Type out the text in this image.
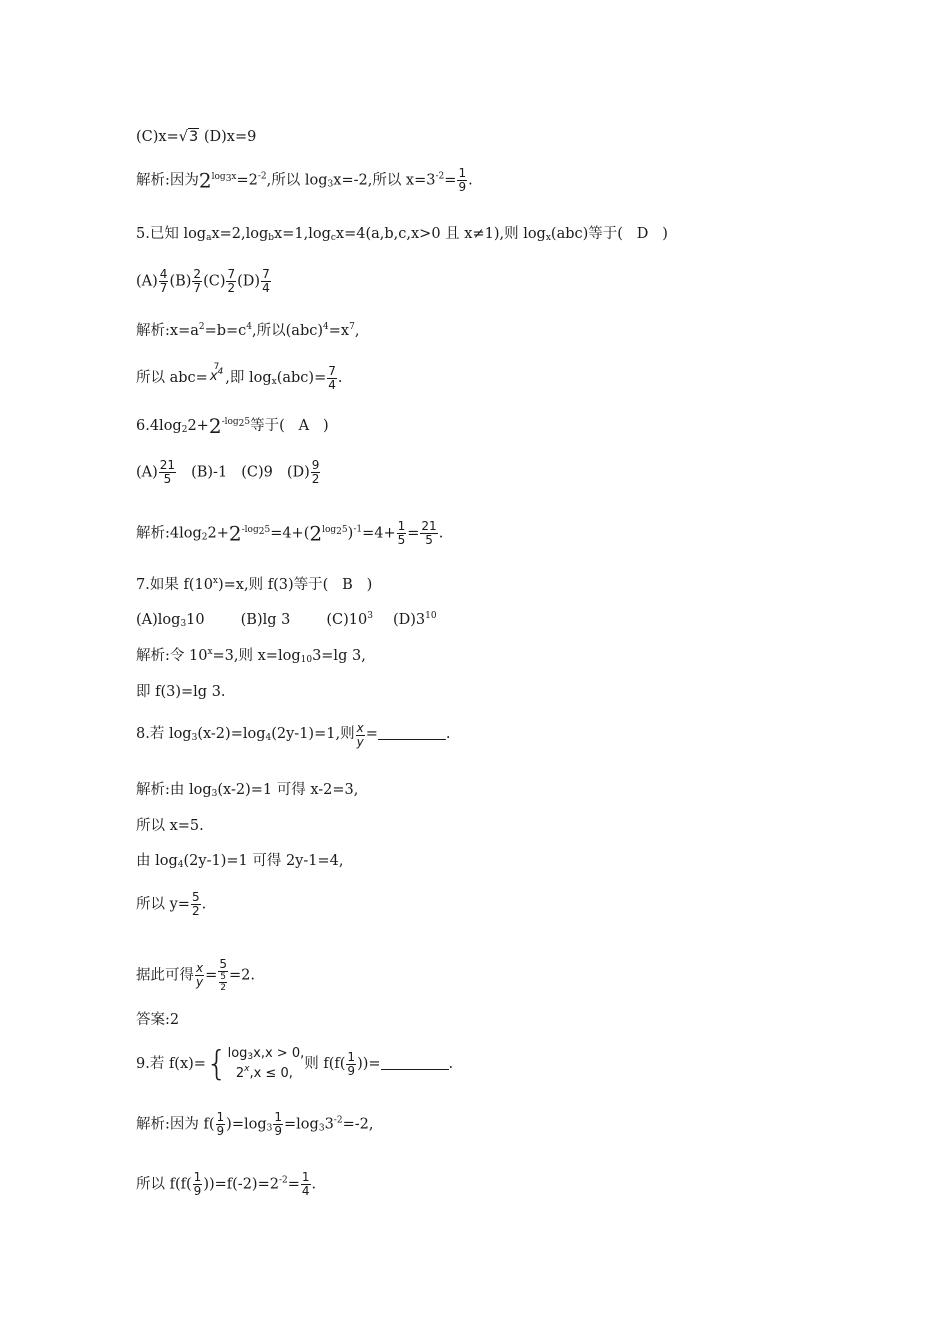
(C)x=√3 (D)x=9
解析:因为$2^{log_3x}=2^{-2}$,所以 $\log_3x=-2$,所以 $x=3^{-2}= \frac{1}{9}$ .
5.已知 $\log_ax=2,\log_bx=1,\log_cx=4(a,b,c,x>0$ 且 x≠1),则 $\log_x(abc)$等于( D )
$(A) \frac{4}{7} (B) \frac{2}{7} (C) \frac{7}{2} (D) \frac{7}{4}$
解析$:x=a^2=b=c^4$,所以$(abc)^4=x^7$,
所以 abc=
7
$x^4$ ,即 $\log_x(abc)= \frac{7}{4}$ .
$6.4\log_22+2^{-log_25}$等于( A )
$(A) \frac{21}{5} (B)-1$ (C)9 $(D) \frac{9}{2}$
解析$:4\log_22+2^{-log_25}=4+(2^{log_25})^{-1}=4+ \frac{1}{5} = \frac{21}{5}$ .
7.如果 $f(10^x)=x$,则 f(3)等于( B )
$(A)\log_310$ (B)lg 3 $(C)10^3$ $(D)3^{10}$
解析:令 $10^x=3$,则 $x=\log_{10}3=\lg$ 3,
即 f(3)=lg 3.
8.若 $\log_3(x-2)=\log_4(2y-1)=1$,则 $\frac{x}{y}$ =	.
解析:由 $\log_3(x-2)=1$ 可得 x-2=3,
所以 x=5.
由 $\log_4(2y-1)=1$ 可得 2y-1=4,
所以 $y= \frac{5}{2}$ .
据此可得 $\frac{x}{y} = 5$
5
2 =2.
答案:2
9.若 f(x)={ $\log_3x,x > 0$,
$2^x,x \le 0$,
则 $f(f( \frac{1}{9}$ ))=	.
解析:因为 $f( \frac{1}{9} )=\log_3 \frac{1}{9} =\log_33^{-2}=-2$,
所以 $f(f( \frac{1}{9} ))=f(-2)=2^{-2}= \frac{1}{4}$ .
